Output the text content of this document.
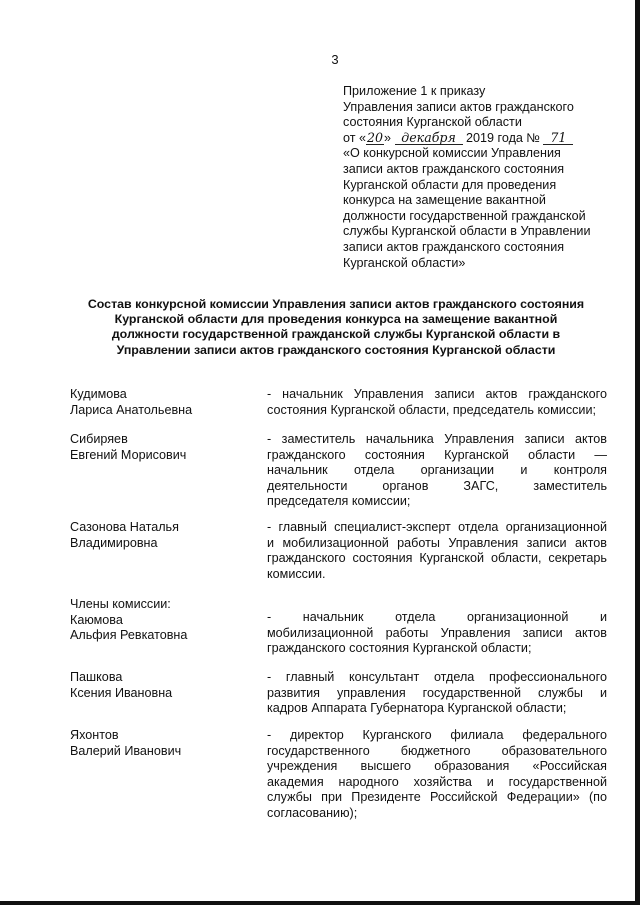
3
Приложение 1 к приказу
Управления записи актов гражданского
состояния Курганской области
от «20» декабря 2019 года № 71
«О конкурсной комиссии Управления
записи актов гражданского состояния
Курганской области для проведения
конкурса на замещение вакантной
должности государственной гражданской
службы Курганской области в Управлении
записи актов гражданского состояния
Курганской области»
Состав конкурсной комиссии Управления записи актов гражданского состояния
Курганской области для проведения конкурса на замещение вакантной
должности государственной гражданской службы Курганской области в
Управлении записи актов гражданского состояния Курганской области
Кудимова
Лариса Анатольевна
- начальник Управления записи актов гражданского
состояния Курганской области, председатель комиссии;
Сибиряев
Евгений Морисович
- заместитель начальника Управления записи актов
гражданского состояния Курганской области —
начальник отдела организации и контроля
деятельности органов ЗАГС, заместитель
председателя комиссии;
Сазонова Наталья
Владимировна
- главный специалист-эксперт отдела организационной
и мобилизационной работы Управления записи актов
гражданского состояния Курганской области, секретарь
комиссии.
Члены комиссии:
Каюмова
Альфия Ревкатовна
- начальник отдела организационной и
мобилизационной работы Управления записи актов
гражданского состояния Курганской области;
Пашкова
Ксения Ивановна
- главный консультант отдела профессионального
развития управления государственной службы и
кадров Аппарата Губернатора Курганской области;
Яхонтов
Валерий Иванович
- директор Курганского филиала федерального
государственного бюджетного образовательного
учреждения высшего образования «Российская
академия народного хозяйства и государственной
службы при Президенте Российской Федерации» (по
согласованию);
